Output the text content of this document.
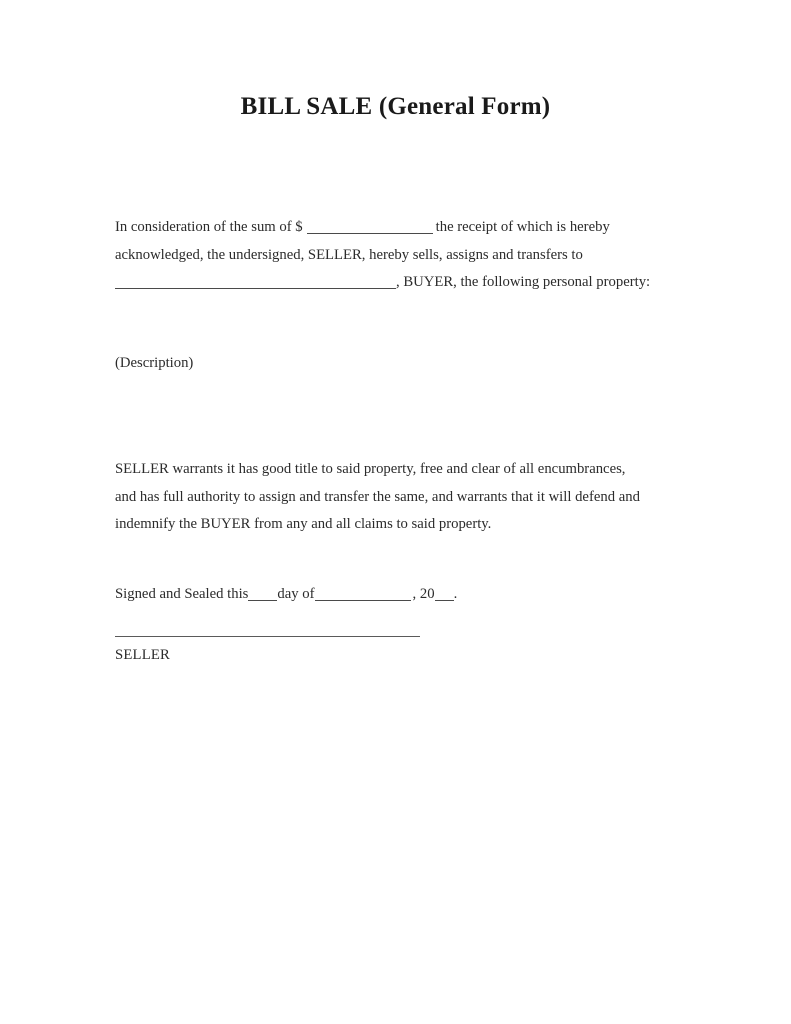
BILL SALE (General Form)
In consideration of the sum of $	the receipt of which is hereby
acknowledged, the undersigned, SELLER, hereby sells, assigns and transfers to
, BUYER, the following personal property:
(Description)
SELLER warrants it has good title to said property, free and clear of all encumbrances,
and has full authority to assign and transfer the same, and warrants that it will defend and
indemnify the BUYER from any and all claims to said property.
Signed and Sealed this day of	, 20 .
SELLER
